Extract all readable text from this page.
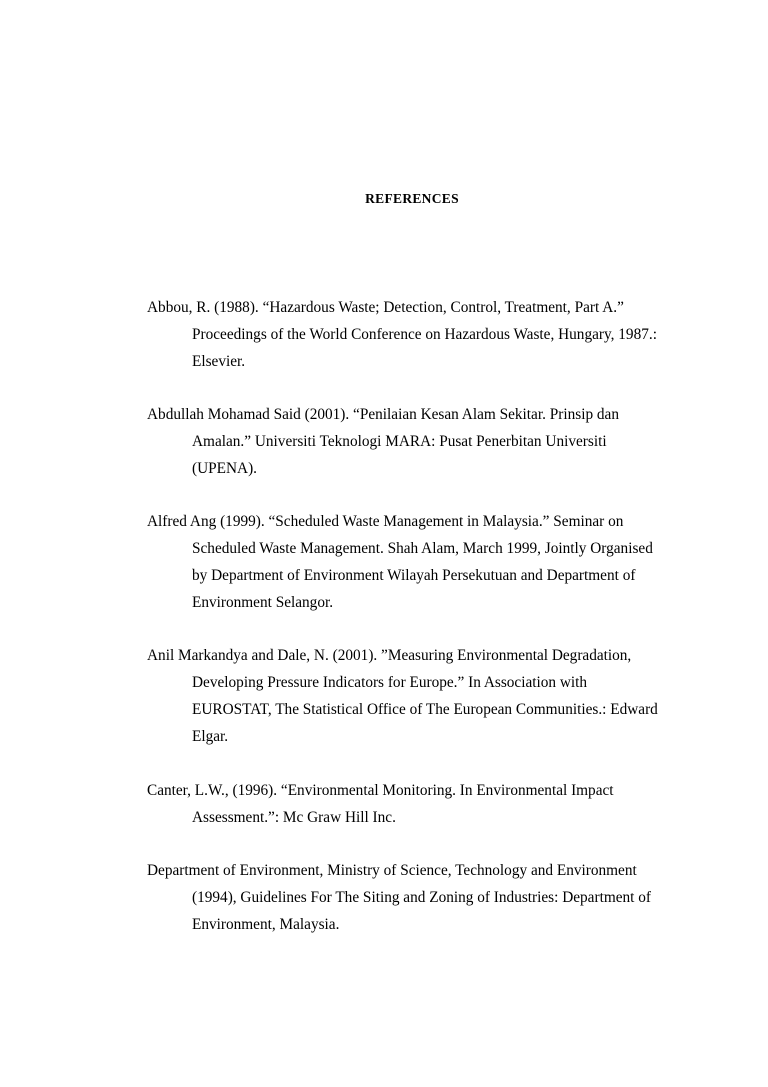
REFERENCES
Abbou, R. (1988). “Hazardous Waste; Detection, Control, Treatment, Part A.”
Proceedings of the World Conference on Hazardous Waste, Hungary, 1987.:
Elsevier.
Abdullah Mohamad Said (2001). “Penilaian Kesan Alam Sekitar. Prinsip dan
Amalan.” Universiti Teknologi MARA: Pusat Penerbitan Universiti
(UPENA).
Alfred Ang (1999). “Scheduled Waste Management in Malaysia.” Seminar on
Scheduled Waste Management. Shah Alam, March 1999, Jointly Organised
by Department of Environment Wilayah Persekutuan and Department of
Environment Selangor.
Anil Markandya and Dale, N. (2001). ”Measuring Environmental Degradation,
Developing Pressure Indicators for Europe.” In Association with
EUROSTAT, The Statistical Office of The European Communities.: Edward
Elgar.
Canter, L.W., (1996). “Environmental Monitoring. In Environmental Impact
Assessment.”: Mc Graw Hill Inc.
Department of Environment, Ministry of Science, Technology and Environment
(1994), Guidelines For The Siting and Zoning of Industries: Department of
Environment, Malaysia.
